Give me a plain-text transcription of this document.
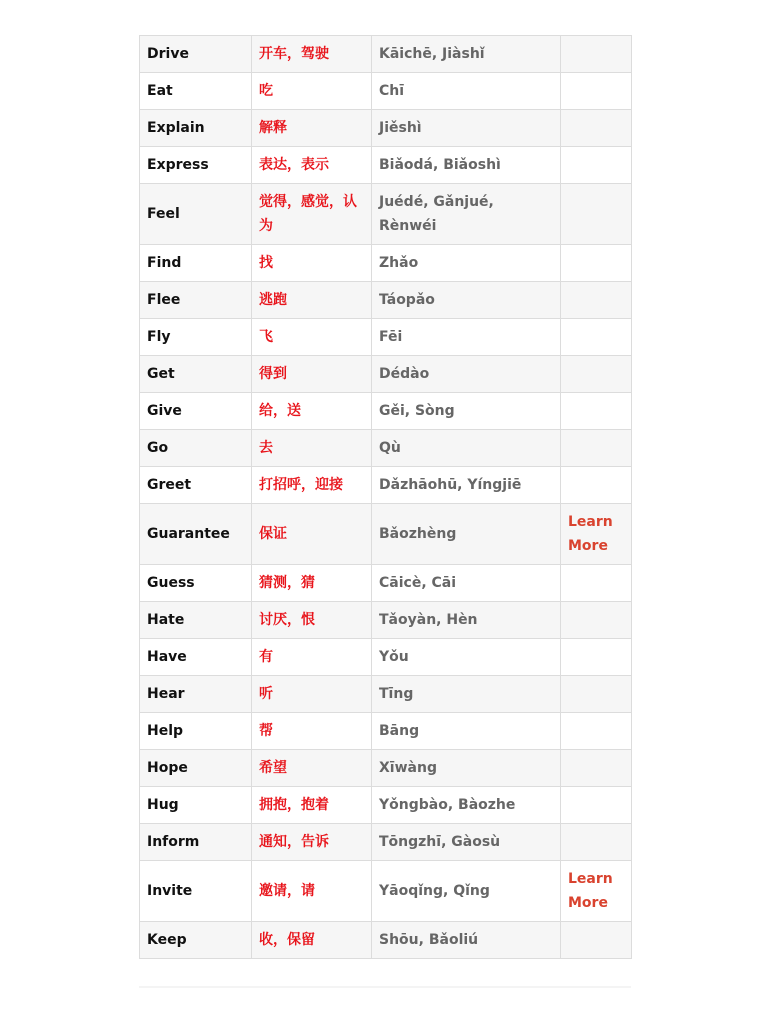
Drive	开车，驾驶	Kāichē, Jiàshǐ	
Eat	吃	Chī	
Explain	解释	Jiěshì	
Express	表达，表示	Biǎodá, Biǎoshì	
Feel	觉得，感觉，认为	Juédé, Gǎnjué, Rènwéi	
Find	找	Zhǎo	
Flee	逃跑	Táopǎo	
Fly	飞	Fēi	
Get	得到	Dédào	
Give	给，送	Gěi, Sòng	
Go	去	Qù	
Greet	打招呼，迎接	Dǎzhāohū, Yíngjiē	
Guarantee	保证	Bǎozhèng	Learn More
Guess	猜测，猜	Cāicè, Cāi	
Hate	讨厌，恨	Tǎoyàn, Hèn	
Have	有	Yǒu	
Hear	听	Tīng	
Help	帮	Bāng	
Hope	希望	Xīwàng	
Hug	拥抱，抱着	Yǒngbào, Bàozhe	
Inform	通知，告诉	Tōngzhī, Gàosù	
Invite	邀请，请	Yāoqǐng, Qǐng	Learn More
Keep	收，保留	Shōu, Bǎoliú	
